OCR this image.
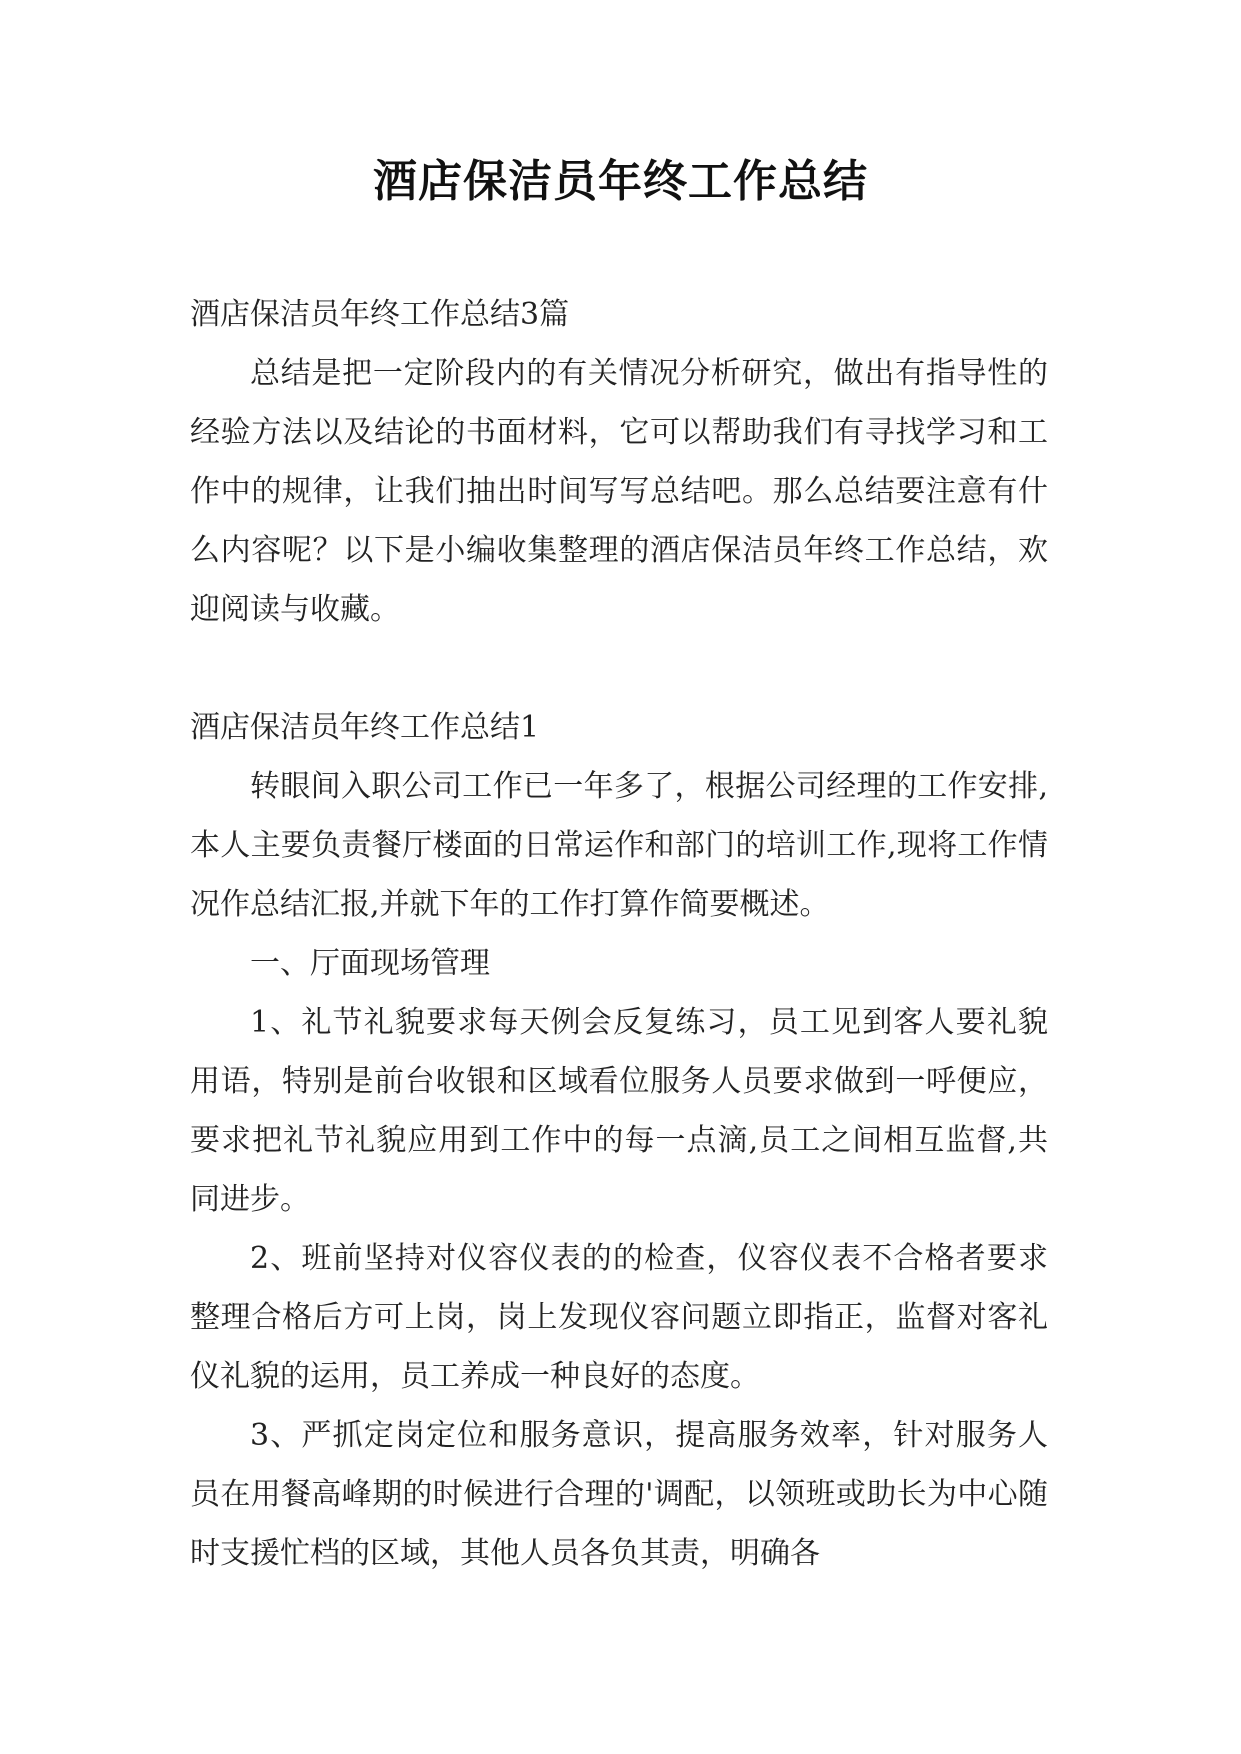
酒店保洁员年终工作总结

酒店保洁员年终工作总结3篇

总结是把一定阶段内的有关情况分析研究，做出有指导性的经验方法以及结论的书面材料，它可以帮助我们有寻找学习和工作中的规律，让我们抽出时间写写总结吧。那么总结要注意有什么内容呢？以下是小编收集整理的酒店保洁员年终工作总结，欢迎阅读与收藏。

酒店保洁员年终工作总结1

转眼间入职公司工作已一年多了，根据公司经理的工作安排,本人主要负责餐厅楼面的日常运作和部门的培训工作,现将工作情况作总结汇报,并就下年的工作打算作简要概述。

一、厅面现场管理

1、礼节礼貌要求每天例会反复练习，员工见到客人要礼貌用语，特别是前台收银和区域看位服务人员要求做到一呼便应，要求把礼节礼貌应用到工作中的每一点滴,员工之间相互监督,共同进步。

2、班前坚持对仪容仪表的的检查，仪容仪表不合格者要求整理合格后方可上岗，岗上发现仪容问题立即指正，监督对客礼仪礼貌的运用，员工养成一种良好的态度。

3、严抓定岗定位和服务意识，提高服务效率，针对服务人员在用餐高峰期的时候进行合理的'调配，以领班或助长为中心随时支援忙档的区域，其他人员各负其责，明确各
